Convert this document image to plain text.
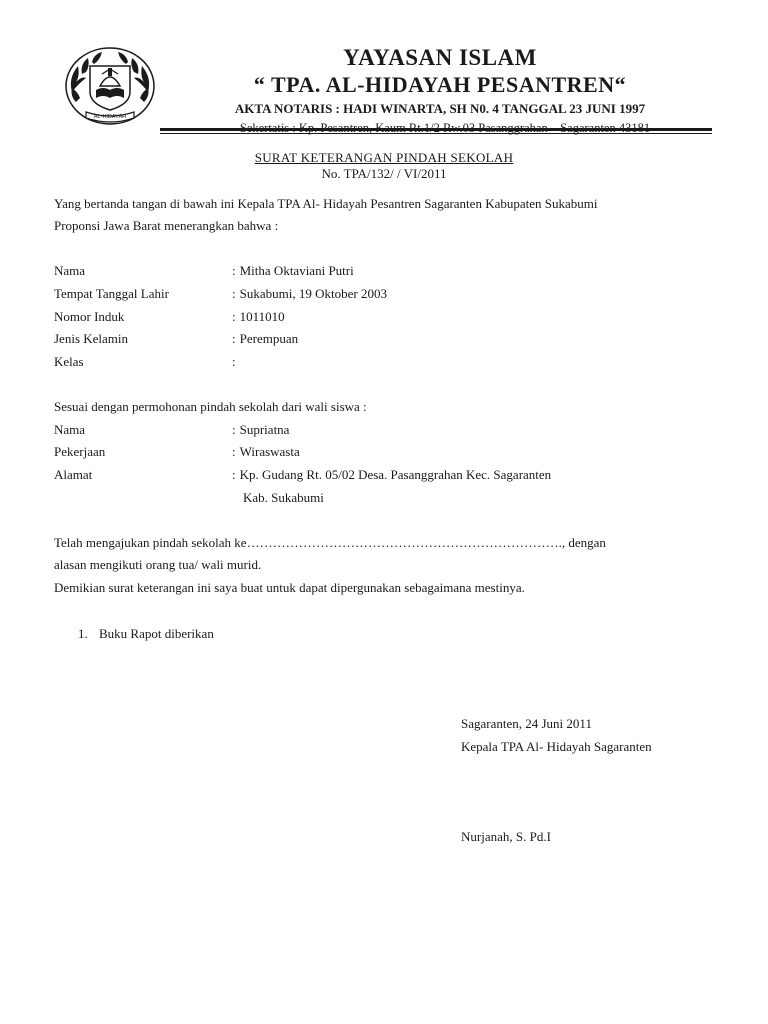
AL-HIDAYAH
YAYASAN ISLAM
“ TPA. AL-HIDAYAH PESANTREN“
AKTA NOTARIS : HADI WINARTA, SH N0. 4 TANGGAL 23 JUNI 1997
SURAT KETERANGAN PINDAH SEKOLAH
No. TPA/132/ / VI/2011
Yang bertanda tangan di bawah ini Kepala TPA Al- Hidayah Pesantren Sagaranten Kabupaten Sukabumi
Proponsi Jawa Barat menerangkan bahwa :
Nama	: Mitha Oktaviani Putri
Tempat Tanggal Lahir	: Sukabumi, 19 Oktober 2003
Nomor Induk	: 1011010
Jenis Kelamin	: Perempuan
Kelas	:
Sesuai dengan permohonan pindah sekolah dari wali siswa :
Nama	: Supriatna
Pekerjaan	: Wiraswasta
Alamat	: Kp. Gudang Rt. 05/02 Desa. Pasanggrahan Kec. Sagaranten
Kab. Sukabumi
Telah mengajukan pindah sekolah ke………………………………………………………………., dengan
alasan mengikuti orang tua/ wali murid.
Demikian surat keterangan ini saya buat untuk dapat dipergunakan sebagaimana mestinya.
1. Buku Rapot diberikan
Sagaranten, 24 Juni 2011
Kepala TPA Al- Hidayah Sagaranten
Nurjanah, S. Pd.I
